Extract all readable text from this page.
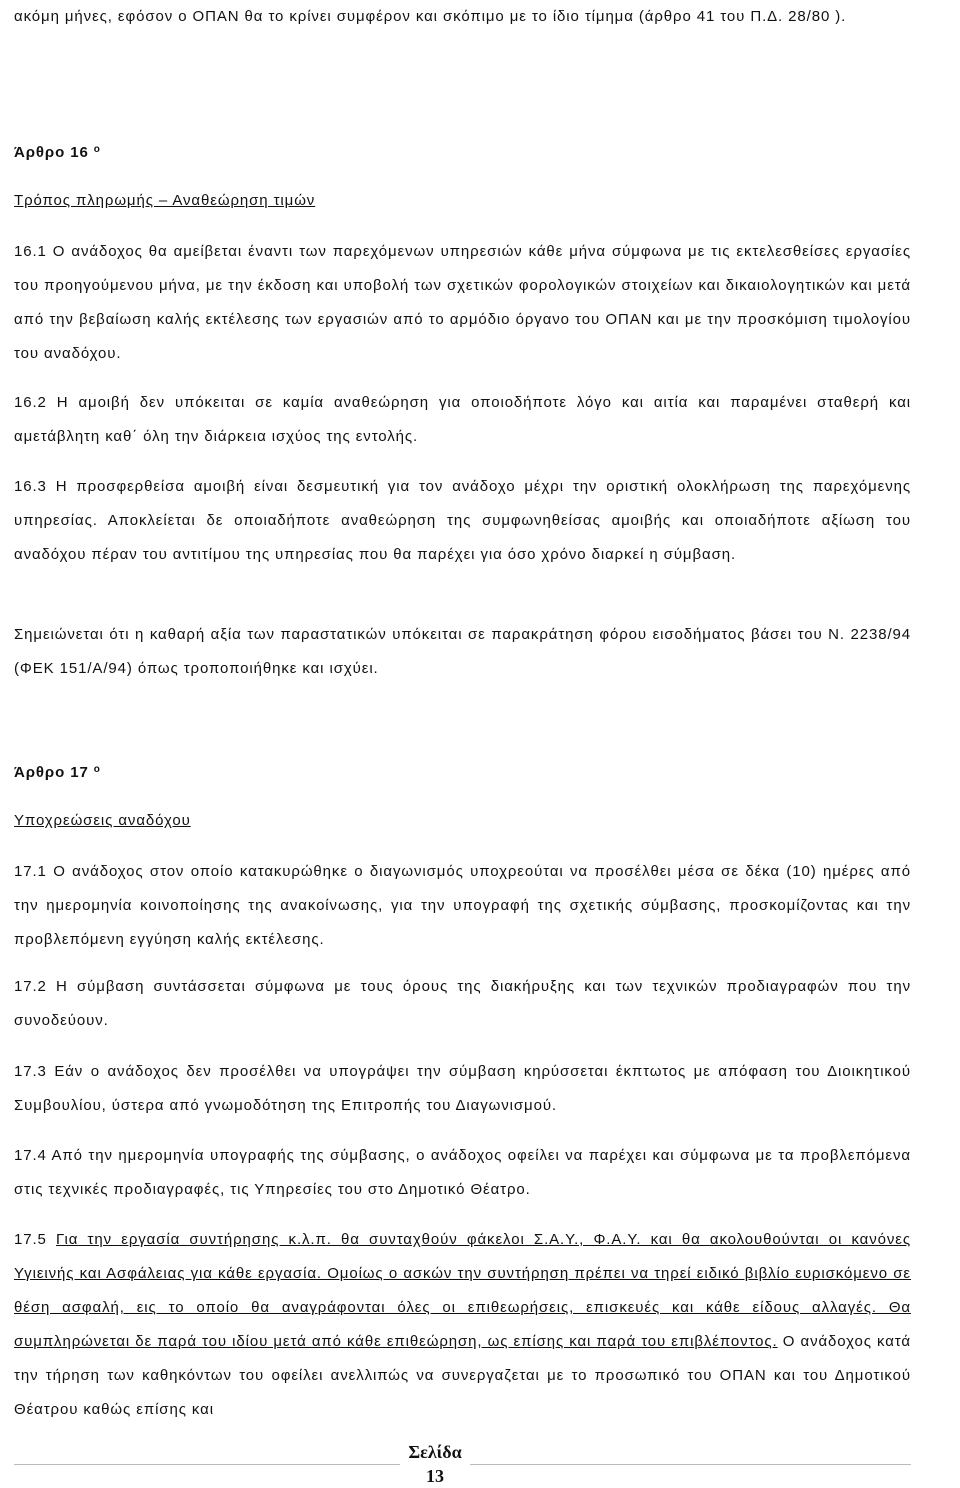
ακόμη μήνες, εφόσον ο ΟΠΑΝ θα το κρίνει συμφέρον και σκόπιμο με το ίδιο τίμημα (άρθρο 41 του Π.Δ. 28/80 ).

Άρθρο 16 $^o$

Τρόπος πληρωμής – Αναθεώρηση τιμών

16.1 Ο ανάδοχος θα αμείβεται έναντι των παρεχόμενων υπηρεσιών κάθε μήνα σύμφωνα με τις εκτελεσθείσες εργασίες του προηγούμενου μήνα, με την έκδοση και υποβολή των σχετικών φορολογικών στοιχείων και δικαιολογητικών και μετά από την βεβαίωση καλής εκτέλεσης των εργασιών από το αρμόδιο όργανο του ΟΠΑΝ και με την προσκόμιση τιμολογίου του αναδόχου.

16.2 Η αμοιβή δεν υπόκειται σε καμία αναθεώρηση για οποιοδήποτε λόγο και αιτία και παραμένει σταθερή και αμετάβλητη καθ΄ όλη την διάρκεια ισχύος της εντολής.

16.3 Η προσφερθείσα αμοιβή είναι δεσμευτική για τον ανάδοχο μέχρι την οριστική ολοκλήρωση της παρεχόμενης υπηρεσίας. Αποκλείεται δε οποιαδήποτε αναθεώρηση της συμφωνηθείσας αμοιβής και οποιαδήποτε αξίωση του αναδόχου πέραν του αντιτίμου της υπηρεσίας που θα παρέχει για όσο χρόνο διαρκεί η σύμβαση.

Σημειώνεται ότι η καθαρή αξία των παραστατικών υπόκειται σε παρακράτηση φόρου εισοδήματος βάσει του Ν. 2238/94 (ΦΕΚ 151/Α/94) όπως τροποποιήθηκε και ισχύει.

Άρθρο 17 $^o$

Υποχρεώσεις αναδόχου

17.1 Ο ανάδοχος στον οποίο κατακυρώθηκε ο διαγωνισμός υποχρεούται να προσέλθει μέσα σε δέκα (10) ημέρες από την ημερομηνία κοινοποίησης της ανακοίνωσης, για την υπογραφή της σχετικής σύμβασης, προσκομίζοντας και την προβλεπόμενη εγγύηση καλής εκτέλεσης.

17.2 Η σύμβαση συντάσσεται σύμφωνα με τους όρους της διακήρυξης και των τεχνικών προδιαγραφών που την συνοδεύουν.

17.3 Εάν ο ανάδοχος δεν προσέλθει να υπογράψει την σύμβαση κηρύσσεται έκπτωτος με απόφαση του Διοικητικού Συμβουλίου, ύστερα από γνωμοδότηση της Επιτροπής του Διαγωνισμού.

17.4 Από την ημερομηνία υπογραφής της σύμβασης, ο ανάδοχος οφείλει να παρέχει και σύμφωνα με τα προβλεπόμενα στις τεχνικές προδιαγραφές, τις Υπηρεσίες του στο Δημοτικό Θέατρο.

17.5 Για την εργασία συντήρησης κ.λ.π. θα συνταχθούν φάκελοι Σ.Α.Υ., Φ.Α.Υ. και θα ακολουθούνται οι κανόνες Υγιεινής και Ασφάλειας για κάθε εργασία. Ομοίως ο ασκών την συντήρηση πρέπει να τηρεί ειδικό βιβλίο ευρισκόμενο σε θέση ασφαλή, εις το οποίο θα αναγράφονται όλες οι επιθεωρήσεις, επισκευές και κάθε είδους αλλαγές. Θα συμπληρώνεται δε παρά του ιδίου μετά από κάθε επιθεώρηση, ως επίσης και παρά του επιβλέποντος. Ο ανάδοχος κατά την τήρηση των καθηκόντων του οφείλει ανελλιπώς να συνεργαζεται με το προσωπικό του ΟΠΑΝ και του Δημοτικού Θέατρου καθώς επίσης και

Σελίδα
13
